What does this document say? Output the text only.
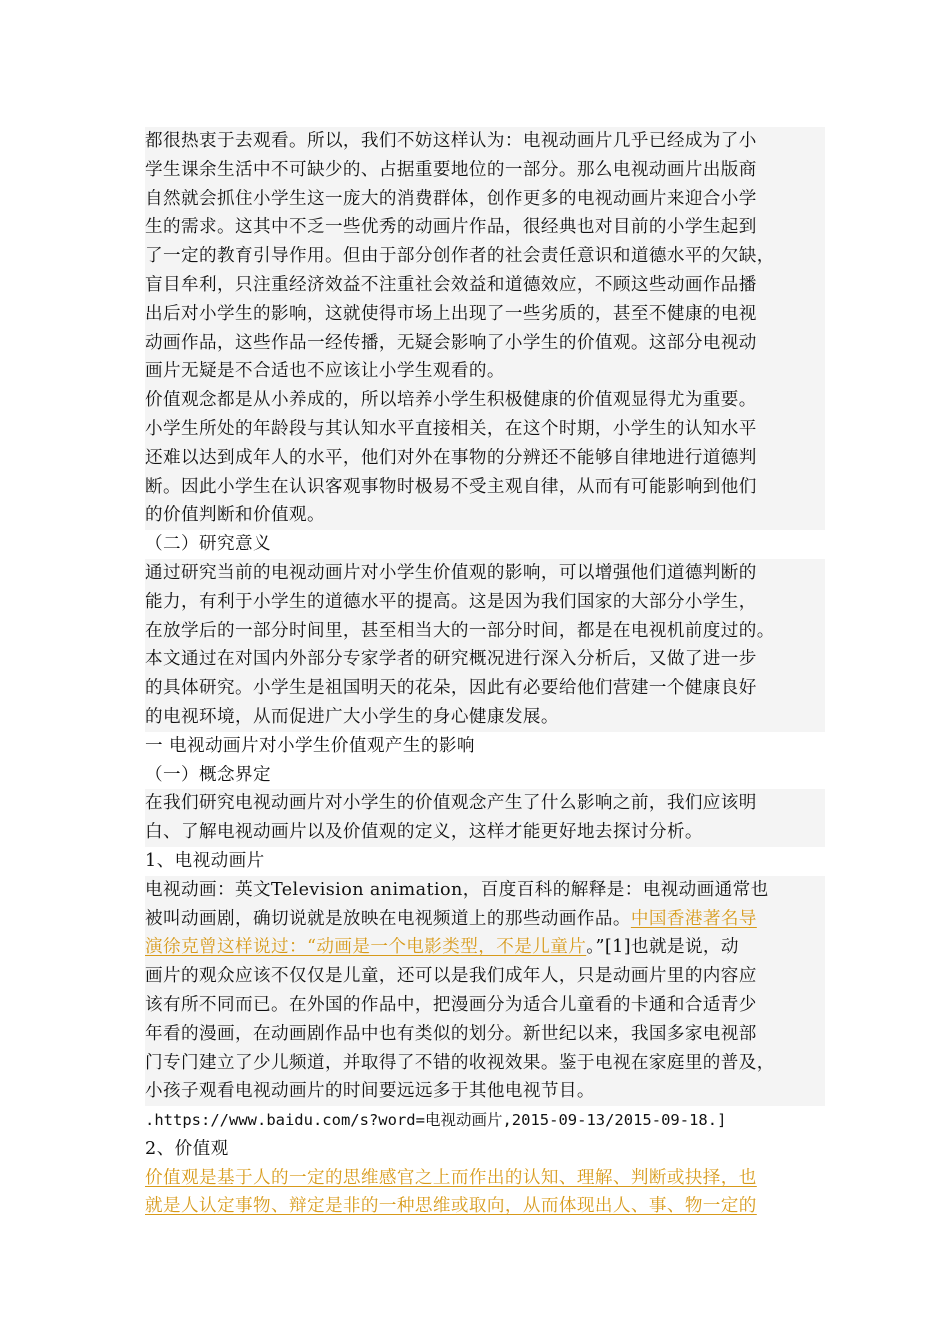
都很热衷于去观看。所以，我们不妨这样认为：电视动画片几乎已经成为了小
学生课余生活中不可缺少的、占据重要地位的一部分。那么电视动画片出版商
自然就会抓住小学生这一庞大的消费群体，创作更多的电视动画片来迎合小学
生的需求。这其中不乏一些优秀的动画片作品，很经典也对目前的小学生起到
了一定的教育引导作用。但由于部分创作者的社会责任意识和道德水平的欠缺，
盲目牟利，只注重经济效益不注重社会效益和道德效应，不顾这些动画作品播
出后对小学生的影响，这就使得市场上出现了一些劣质的，甚至不健康的电视
动画作品，这些作品一经传播，无疑会影响了小学生的价值观。这部分电视动
画片无疑是不合适也不应该让小学生观看的。
价值观念都是从小养成的，所以培养小学生积极健康的价值观显得尤为重要。
小学生所处的年龄段与其认知水平直接相关，在这个时期，小学生的认知水平
还难以达到成年人的水平，他们对外在事物的分辨还不能够自律地进行道德判
断。因此小学生在认识客观事物时极易不受主观自律，从而有可能影响到他们
的价值判断和价值观。
（二）研究意义
通过研究当前的电视动画片对小学生价值观的影响，可以增强他们道德判断的
能力，有利于小学生的道德水平的提高。这是因为我们国家的大部分小学生，
在放学后的一部分时间里，甚至相当大的一部分时间，都是在电视机前度过的。
本文通过在对国内外部分专家学者的研究概况进行深入分析后，又做了进一步
的具体研究。小学生是祖国明天的花朵，因此有必要给他们营建一个健康良好
的电视环境，从而促进广大小学生的身心健康发展。
一 电视动画片对小学生价值观产生的影响
（一）概念界定
在我们研究电视动画片对小学生的价值观念产生了什么影响之前，我们应该明
白、了解电视动画片以及价值观的定义，这样才能更好地去探讨分析。
1、电视动画片
电视动画：英文Television animation，百度百科的解释是：电视动画通常也
被叫动画剧，确切说就是放映在电视频道上的那些动画作品。中国香港著名导
演徐克曾这样说过：“动画是一个电影类型，不是儿童片。”[1]也就是说，动
画片的观众应该不仅仅是儿童，还可以是我们成年人，只是动画片里的内容应
该有所不同而已。在外国的作品中，把漫画分为适合儿童看的卡通和合适青少
年看的漫画，在动画剧作品中也有类似的划分。新世纪以来，我国多家电视部
门专门建立了少儿频道，并取得了不错的收视效果。鉴于电视在家庭里的普及，
小孩子观看电视动画片的时间要远远多于其他电视节目。
.https://www.baidu.com/s?word=电视动画片,2015-09-13/2015-09-18.]
2、价值观
价值观是基于人的一定的思维感官之上而作出的认知、理解、判断或抉择，也
就是人认定事物、辩定是非的一种思维或取向，从而体现出人、事、物一定的
